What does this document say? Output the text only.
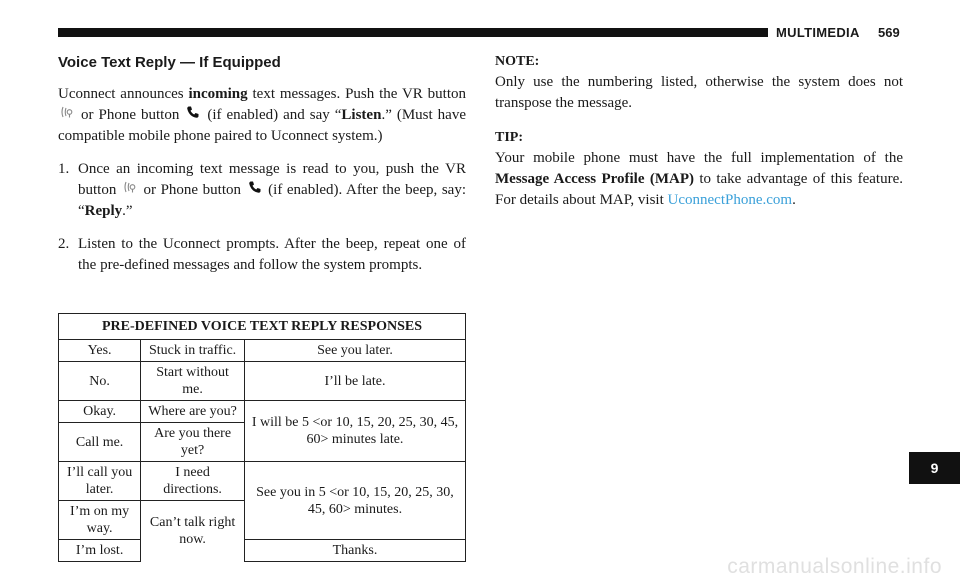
MULTIMEDIA 569
Voice Text Reply — If Equipped

Uconnect announces incoming text messages. Push the VR button  or Phone button  (if enabled) and say “Listen.” (Must have compatible mobile phone paired to Uconnect system.)

1. Once an incoming text message is read to you, push the VR button  or Phone button  (if enabled). After the beep, say: “Reply.”
2. Listen to the Uconnect prompts. After the beep, repeat one of the pre-defined messages and follow the system prompts.
PRE-DEFINED VOICE TEXT REPLY RESPONSES		
Yes.	Stuck in traffic.	See you later.
No.	Start without me.	I’ll be late.
Okay.	Where are you?	I will be 5 <or 10, 15, 20, 25, 30, 45, 60> minutes late.
Call me.	Are you there yet?	
I’ll call you later.	I need directions.	See you in 5 <or 10, 15, 20, 25, 30, 45, 60> minutes.
I’m on my way.	Can’t talk right now.	
I’m lost.		Thanks.
NOTE:

Only use the numbering listed, otherwise the system does not transpose the message.

TIP:

Your mobile phone must have the full implementation of the Message Access Profile (MAP) to take advantage of this feature. For details about MAP, visit UconnectPhone.com.

9
carmanualsonline.info
